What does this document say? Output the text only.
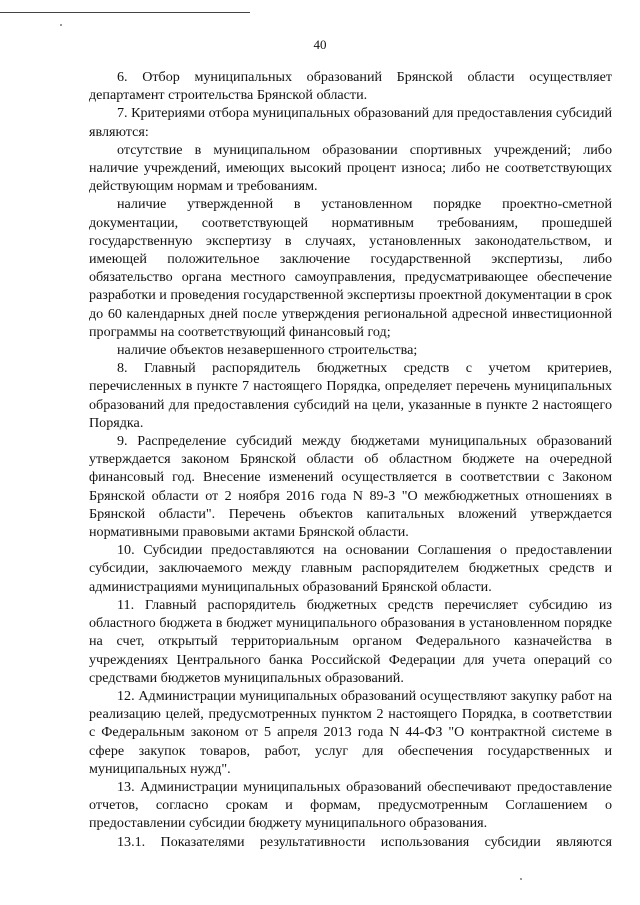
40

6. Отбор муниципальных образований Брянской области осуществляет департамент строительства Брянской области.

7. Критериями отбора муниципальных образований для предоставления субсидий являются:

отсутствие в муниципальном образовании спортивных учреждений; либо наличие учреждений, имеющих высокий процент износа; либо не соответствующих действующим нормам и требованиям.

наличие утвержденной в установленном порядке проектно-сметной документации, соответствующей нормативным требованиям, прошедшей государственную экспертизу в случаях, установленных законодательством, и имеющей положительное заключение государственной экспертизы, либо обязательство органа местного самоуправления, предусматривающее обеспечение разработки и проведения государственной экспертизы проектной документации в срок до 60 календарных дней после утверждения региональной адресной инвестиционной программы на соответствующий финансовый год;

наличие объектов незавершенного строительства;

8. Главный распорядитель бюджетных средств с учетом критериев, перечисленных в пункте 7 настоящего Порядка, определяет перечень муниципальных образований для предоставления субсидий на цели, указанные в пункте 2 настоящего Порядка.

9. Распределение субсидий между бюджетами муниципальных образований утверждается законом Брянской области об областном бюджете на очередной финансовый год. Внесение изменений осуществляется в соответствии с Законом Брянской области от 2 ноября 2016 года N 89-З "О межбюджетных отношениях в Брянской области". Перечень объектов капитальных вложений утверждается нормативными правовыми актами Брянской области.

10. Субсидии предоставляются на основании Соглашения о предоставлении субсидии, заключаемого между главным распорядителем бюджетных средств и администрациями муниципальных образований Брянской области.

11. Главный распорядитель бюджетных средств перечисляет субсидию из областного бюджета в бюджет муниципального образования в установленном порядке на счет, открытый территориальным органом Федерального казначейства в учреждениях Центрального банка Российской Федерации для учета операций со средствами бюджетов муниципальных образований.

12. Администрации муниципальных образований осуществляют закупку работ на реализацию целей, предусмотренных пунктом 2 настоящего Порядка, в соответствии с Федеральным законом от 5 апреля 2013 года N 44-ФЗ "О контрактной системе в сфере закупок товаров, работ, услуг для обеспечения государственных и муниципальных нужд".

13. Администрации муниципальных образований обеспечивают предоставление отчетов, согласно срокам и формам, предусмотренным Соглашением о предоставлении субсидии бюджету муниципального образования.

13.1. Показателями результативности использования субсидии являются
